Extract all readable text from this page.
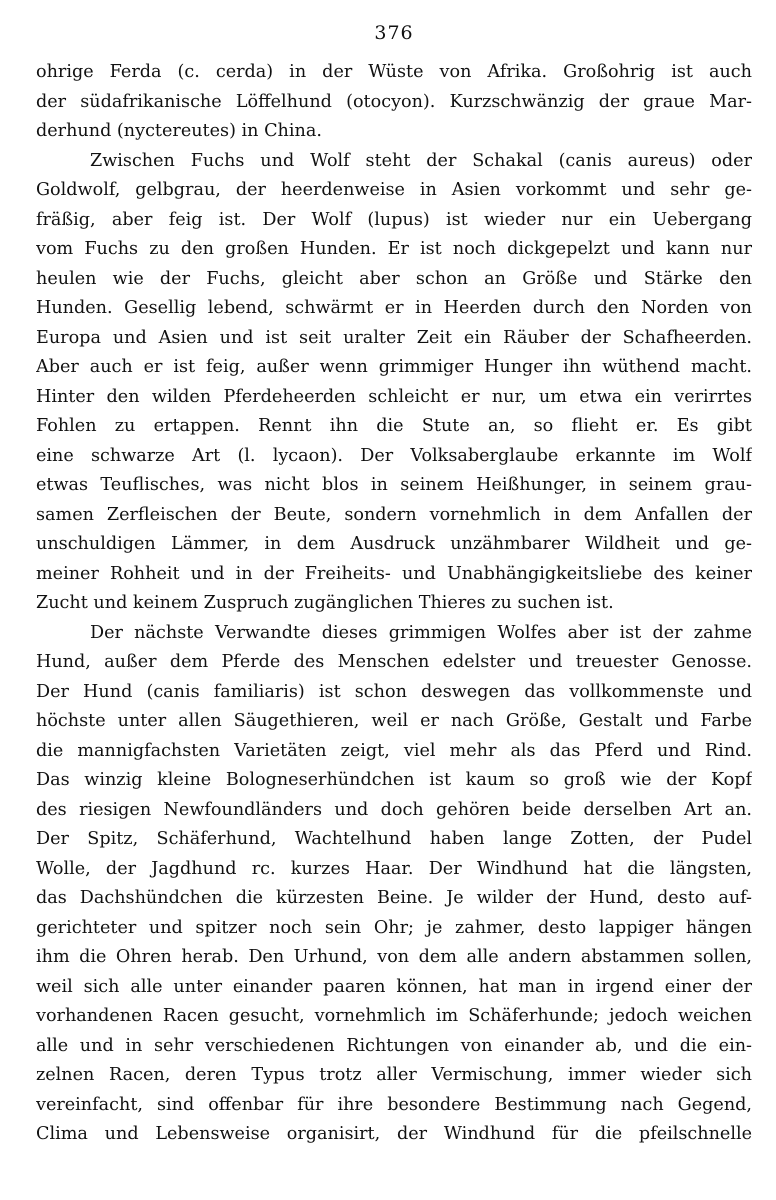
376
ohrige Ferda (c. cerda) in der Wüste von Afrika. Großohrig ist auch
der südafrikanische Löffelhund (otocyon). Kurzschwänzig der graue Mar-
derhund (nyctereutes) in China.
Zwischen Fuchs und Wolf steht der Schakal (canis aureus) oder
Goldwolf, gelbgrau, der heerdenweise in Asien vorkommt und sehr ge-
fräßig, aber feig ist. Der Wolf (lupus) ist wieder nur ein Uebergang
vom Fuchs zu den großen Hunden. Er ist noch dickgepelzt und kann nur
heulen wie der Fuchs, gleicht aber schon an Größe und Stärke den
Hunden. Gesellig lebend, schwärmt er in Heerden durch den Norden von
Europa und Asien und ist seit uralter Zeit ein Räuber der Schafheerden.
Aber auch er ist feig, außer wenn grimmiger Hunger ihn wüthend macht.
Hinter den wilden Pferdeheerden schleicht er nur, um etwa ein verirrtes
Fohlen zu ertappen. Rennt ihn die Stute an, so flieht er. Es gibt
eine schwarze Art (l. lycaon). Der Volksaberglaube erkannte im Wolf
etwas Teuflisches, was nicht blos in seinem Heißhunger, in seinem grau-
samen Zerfleischen der Beute, sondern vornehmlich in dem Anfallen der
unschuldigen Lämmer, in dem Ausdruck unzähmbarer Wildheit und ge-
meiner Rohheit und in der Freiheits- und Unabhängigkeitsliebe des keiner
Zucht und keinem Zuspruch zugänglichen Thieres zu suchen ist.
Der nächste Verwandte dieses grimmigen Wolfes aber ist der zahme
Hund, außer dem Pferde des Menschen edelster und treuester Genosse.
Der Hund (canis familiaris) ist schon deswegen das vollkommenste und
höchste unter allen Säugethieren, weil er nach Größe, Gestalt und Farbe
die mannigfachsten Varietäten zeigt, viel mehr als das Pferd und Rind.
Das winzig kleine Bologneserhündchen ist kaum so groß wie der Kopf
des riesigen Newfoundländers und doch gehören beide derselben Art an.
Der Spitz, Schäferhund, Wachtelhund haben lange Zotten, der Pudel
Wolle, der Jagdhund rc. kurzes Haar. Der Windhund hat die längsten,
das Dachshündchen die kürzesten Beine. Je wilder der Hund, desto auf-
gerichteter und spitzer noch sein Ohr; je zahmer, desto lappiger hängen
ihm die Ohren herab. Den Urhund, von dem alle andern abstammen sollen,
weil sich alle unter einander paaren können, hat man in irgend einer der
vorhandenen Racen gesucht, vornehmlich im Schäferhunde; jedoch weichen
alle und in sehr verschiedenen Richtungen von einander ab, und die ein-
zelnen Racen, deren Typus trotz aller Vermischung, immer wieder sich
vereinfacht, sind offenbar für ihre besondere Bestimmung nach Gegend,
Clima und Lebensweise organisirt, der Windhund für die pfeilschnelle
